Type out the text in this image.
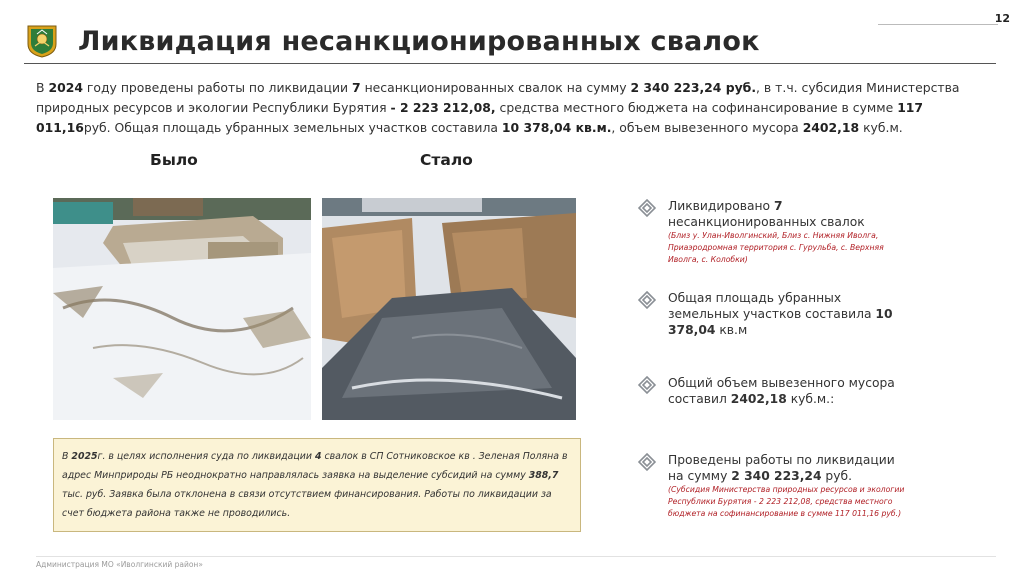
12
Ликвидация несанкционированных свалок
В 2024 году проведены работы по ликвидации 7 несанкционированных свалок на сумму 2 340 223,24 руб., в т.ч. субсидия Министерства природных ресурсов и экологии Республики Бурятия - 2 223 212,08, средства местного бюджета на софинансирование в сумме 117 011,16руб. Общая площадь убранных земельных участков составила 10 378,04 кв.м., объем вывезенного мусора 2402,18 куб.м.
Было	Стало
В 2025г. в целях исполнения суда по ликвидации 4 свалок в СП Сотниковское кв . Зеленая Поляна в адрес Минприроды РБ неоднократно направлялась заявка на выделение субсидий на сумму 388,7 тыс. руб. Заявка была отклонена в связи отсутствием финансирования. Работы по ликвидации за счет бюджета района также не проводились.
Ликвидировано 7 несанкционированных свалок
(Близ у. Улан-Иволгинский, Близ с. Нижняя Иволга, Приаэродромная территория с. Гурульба, с. Верхняя Иволга, с. Колобки)
Общая площадь убранных земельных участков составила 10 378,04 кв.м
Общий объем вывезенного мусора составил 2402,18 куб.м.:
Проведены работы по ликвидации на сумму 2 340 223,24 руб.
(Субсидия Министерства природных ресурсов и экологии Республики Бурятия - 2 223 212,08, средства местного бюджета на софинансирование в сумме 117 011,16 руб.)
Администрация МО «Иволгинский район»
